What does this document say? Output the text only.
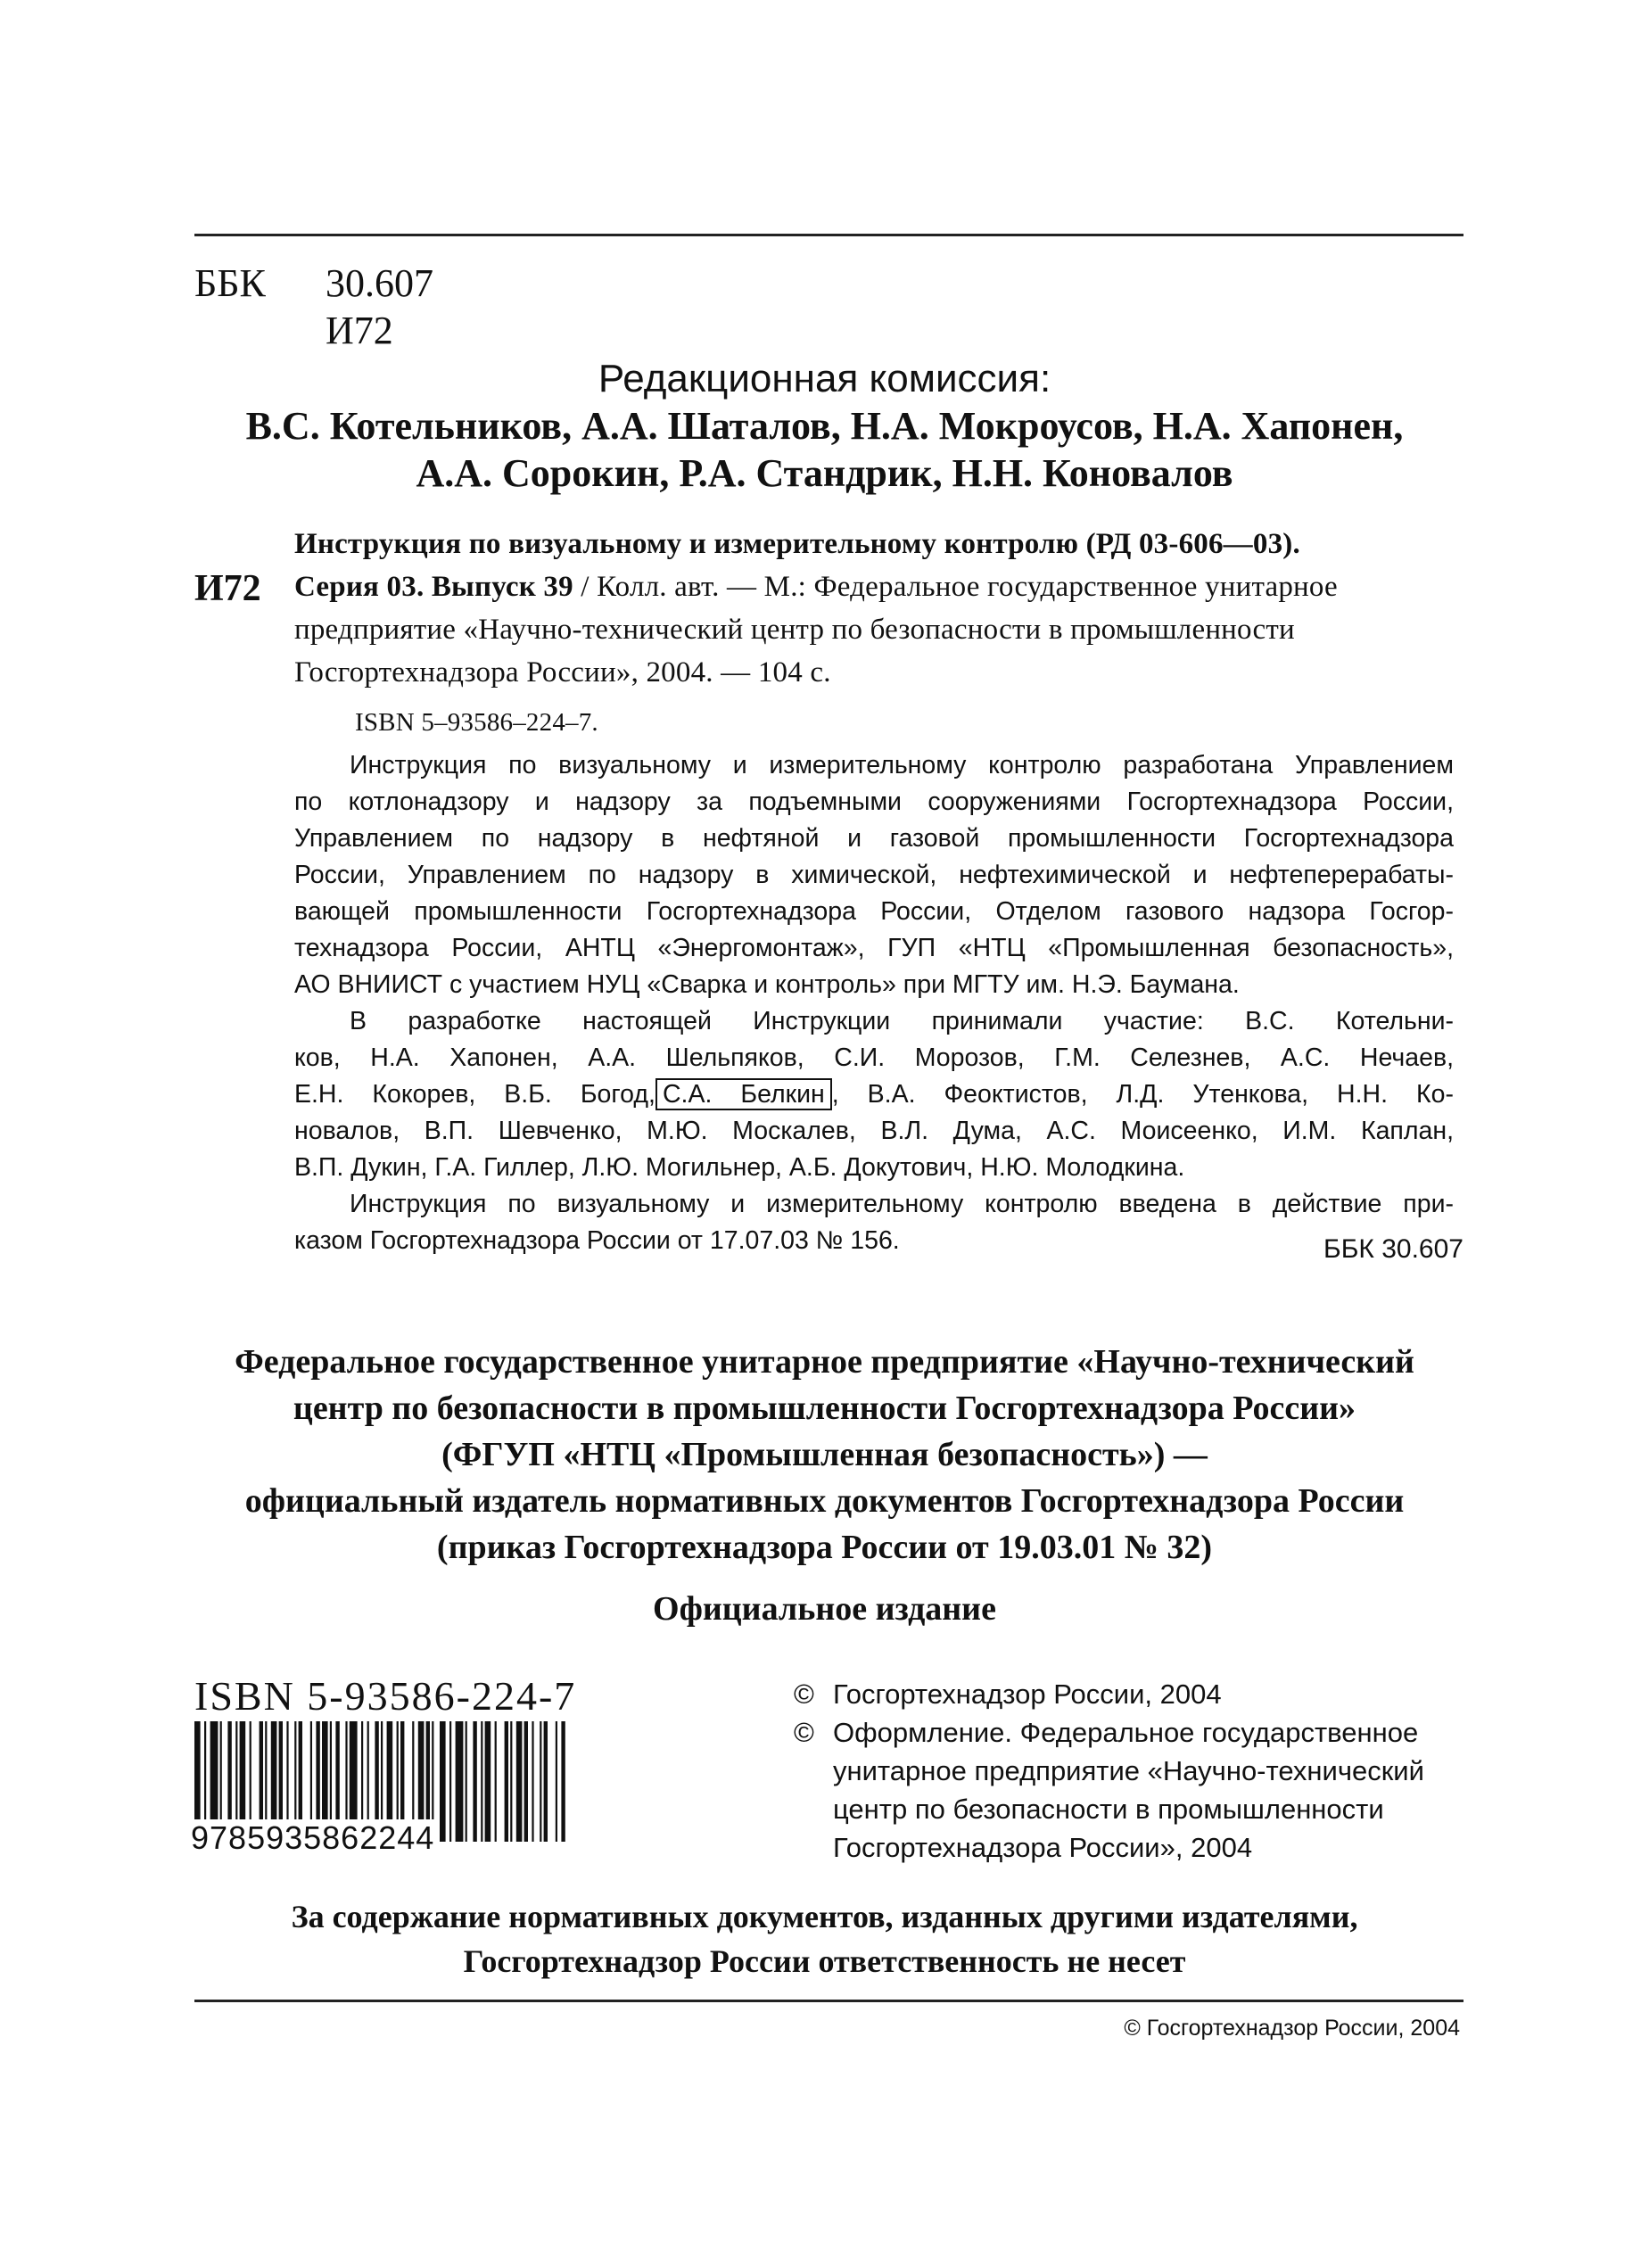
ББК 30.607
И72
Редакционная комиссия:
В.С. Котельников, А.А. Шаталов, Н.А. Мокроусов, Н.А. Хапонен,
А.А. Сорокин, Р.А. Стандрик, Н.Н. Коновалов
И72
Инструкция по визуальному и измерительному контролю (РД 03-606—03).
Серия 03. Выпуск 39 / Колл. авт. — М.: Федеральное государственное унитарное
предприятие «Научно-технический центр по безопасности в промышленности
Госгортехнадзора России», 2004. — 104 с.
ISBN 5–93586–224–7.
Инструкция по визуальному и измерительному контролю разработана Управлением
по котлонадзору и надзору за подъемными сооружениями Госгортехнадзора России,
Управлением по надзору в нефтяной и газовой промышленности Госгортехнадзора
России, Управлением по надзору в химической, нефтехимической и нефтеперерабаты-
вающей промышленности Госгортехнадзора России, Отделом газового надзора Госгор-
технадзора России, АНТЦ «Энергомонтаж», ГУП «НТЦ «Промышленная безопасность»,
АО ВНИИСТ с участием НУЦ «Сварка и контроль» при МГТУ им. Н.Э. Баумана.
В разработке настоящей Инструкции принимали участие: В.С. Котельни-
ков, Н.А. Хапонен, А.А. Шельпяков, С.И. Морозов, Г.М. Селезнев, А.С. Нечаев,
Е.Н. Кокорев, В.Б. Богод, С.А. Белкин , В.А. Феоктистов, Л.Д. Утенкова, Н.Н. Ко-
новалов, В.П. Шевченко, М.Ю. Москалев, В.Л. Дума, А.С. Моисеенко, И.М. Каплан,
В.П. Дукин, Г.А. Гиллер, Л.Ю. Могильнер, А.Б. Докутович, Н.Ю. Молодкина.
Инструкция по визуальному и измерительному контролю введена в действие при-
казом Госгортехнадзора России от 17.07.03 № 156.	ББК 30.607
Федеральное государственное унитарное предприятие «Научно-технический
центр по безопасности в промышленности Госгортехнадзора России»
(ФГУП «НТЦ «Промышленная безопасность») —
официальный издатель нормативных документов Госгортехнадзора России
(приказ Госгортехнадзора России от 19.03.01 № 32)
Официальное издание
ISBN 5-93586-224-7
9785935862244
© Госгортехнадзор России, 2004
© Оформление. Федеральное государственное
унитарное предприятие «Научно-технический
центр по безопасности в промышленности
Госгортехнадзора России», 2004
За содержание нормативных документов, изданных другими издателями,
Госгортехнадзор России ответственность не несет
© Госгортехнадзор России, 2004
